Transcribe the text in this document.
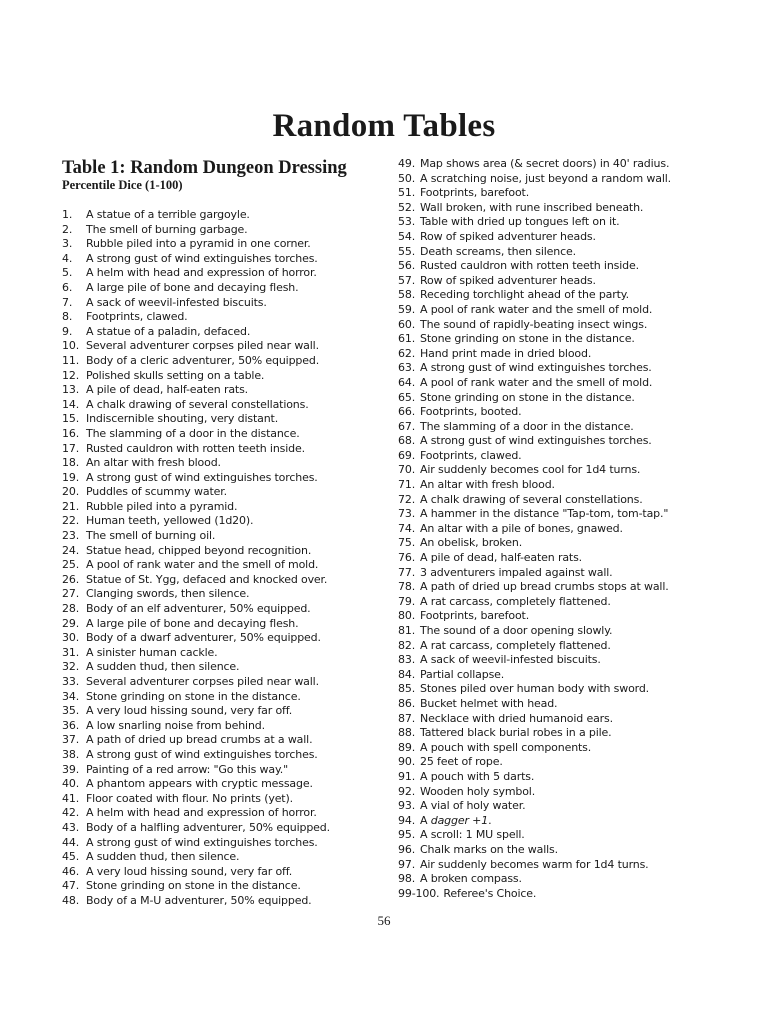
Random Tables
Table 1: Random Dungeon Dressing
Percentile Dice (1-100)
1.	A statue of a terrible gargoyle.
2.	The smell of burning garbage.
3.	Rubble piled into a pyramid in one corner.
4.	A strong gust of wind extinguishes torches.
5.	A helm with head and expression of horror.
6.	A large pile of bone and decaying flesh.
7.	A sack of weevil-infested biscuits.
8.	Footprints, clawed.
9.	A statue of a paladin, defaced.
10. Several adventurer corpses piled near wall.
11. Body of a cleric adventurer, 50% equipped.
12. Polished skulls setting on a table.
13. A pile of dead, half-eaten rats.
14. A chalk drawing of several constellations.
15. Indiscernible shouting, very distant.
16. The slamming of a door in the distance.
17. Rusted cauldron with rotten teeth inside.
18. An altar with fresh blood.
19. A strong gust of wind extinguishes torches.
20. Puddles of scummy water.
21. Rubble piled into a pyramid.
22. Human teeth, yellowed (1d20).
23. The smell of burning oil.
24. Statue head, chipped beyond recognition.
25. A pool of rank water and the smell of mold.
26. Statue of St. Ygg, defaced and knocked over.
27. Clanging swords, then silence.
28. Body of an elf adventurer, 50% equipped.
29. A large pile of bone and decaying flesh.
30. Body of a dwarf adventurer, 50% equipped.
31. A sinister human cackle.
32. A sudden thud, then silence.
33. Several adventurer corpses piled near wall.
34. Stone grinding on stone in the distance.
35. A very loud hissing sound, very far off.
36. A low snarling noise from behind.
37. A path of dried up bread crumbs at a wall.
38. A strong gust of wind extinguishes torches.
39. Painting of a red arrow: "Go this way."
40. A phantom appears with cryptic message.
41. Floor coated with flour. No prints (yet).
42. A helm with head and expression of horror.
43. Body of a halfling adventurer, 50% equipped.
44. A strong gust of wind extinguishes torches.
45. A sudden thud, then silence.
46. A very loud hissing sound, very far off.
47. Stone grinding on stone in the distance.
48. Body of a M-U adventurer, 50% equipped.
49. Map shows area (& secret doors) in 40' radius.
50. A scratching noise, just beyond a random wall.
51. Footprints, barefoot.
52. Wall broken, with rune inscribed beneath.
53. Table with dried up tongues left on it.
54. Row of spiked adventurer heads.
55. Death screams, then silence.
56. Rusted cauldron with rotten teeth inside.
57. Row of spiked adventurer heads.
58. Receding torchlight ahead of the party.
59. A pool of rank water and the smell of mold.
60. The sound of rapidly-beating insect wings.
61. Stone grinding on stone in the distance.
62. Hand print made in dried blood.
63. A strong gust of wind extinguishes torches.
64. A pool of rank water and the smell of mold.
65. Stone grinding on stone in the distance.
66. Footprints, booted.
67. The slamming of a door in the distance.
68. A strong gust of wind extinguishes torches.
69. Footprints, clawed.
70. Air suddenly becomes cool for 1d4 turns.
71. An altar with fresh blood.
72. A chalk drawing of several constellations.
73. A hammer in the distance "Tap-tom, tom-tap."
74. An altar with a pile of bones, gnawed.
75. An obelisk, broken.
76. A pile of dead, half-eaten rats.
77. 3 adventurers impaled against wall.
78. A path of dried up bread crumbs stops at wall.
79. A rat carcass, completely flattened.
80. Footprints, barefoot.
81. The sound of a door opening slowly.
82. A rat carcass, completely flattened.
83. A sack of weevil-infested biscuits.
84. Partial collapse.
85. Stones piled over human body with sword.
86. Bucket helmet with head.
87. Necklace with dried humanoid ears.
88. Tattered black burial robes in a pile.
89. A pouch with spell components.
90. 25 feet of rope.
91. A pouch with 5 darts.
92. Wooden holy symbol.
93. A vial of holy water.
94. A dagger +1.
95. A scroll: 1 MU spell.
96. Chalk marks on the walls.
97. Air suddenly becomes warm for 1d4 turns.
98. A broken compass.
99-100. Referee's Choice.
56
